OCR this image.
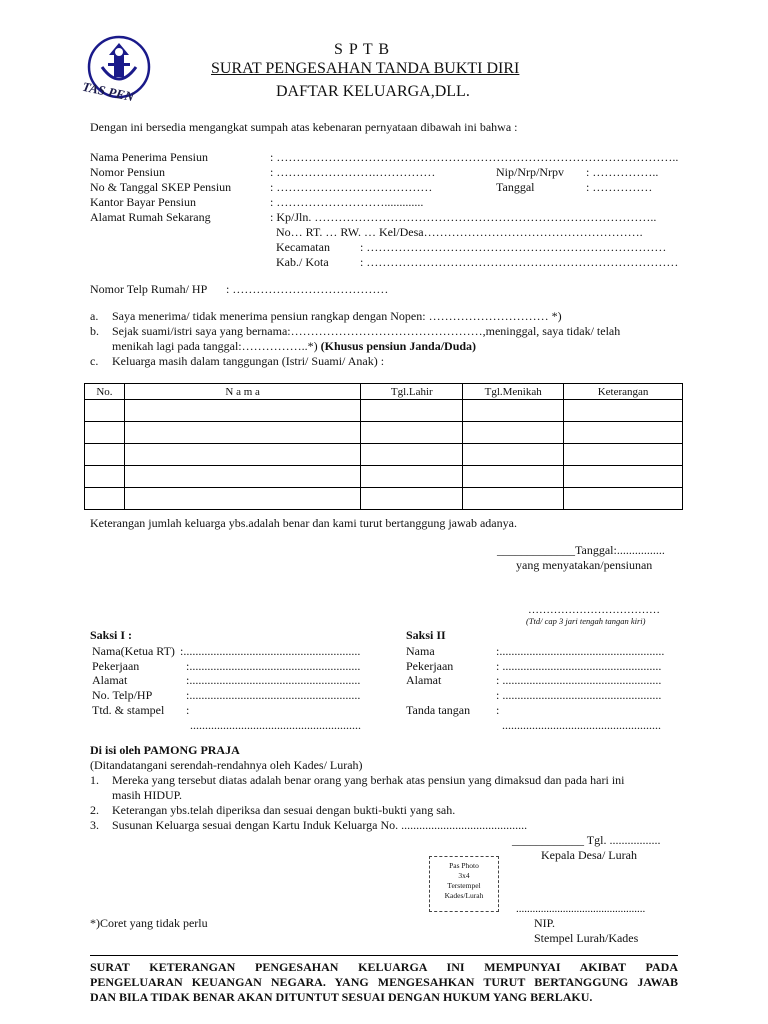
TAS PEN
S P T B
SURAT PENGESAHAN TANDA BUKTI DIRI
DAFTAR KELUARGA,DLL.
Dengan ini bersedia mengangkat sumpah atas kebenaran pernyataan dibawah ini bahwa :
Nama Penerima Pensiun	: ………………………………………………………………………………………..
Nomor Pensiun	: …………………….……………	Nip/Nrp/Nrpv : ……………..
No & Tanggal SKEP Pensiun	: …………………………………	Tanggal	: ……………
Kantor Bayar Pensiun	: ……………………….............
Alamat Rumah Sekarang	: Kp/Jln. …………………………………………………………………………..
No… RT. … RW. … Kel/Desa……………………………………………….
Kecamatan	: …………………………………………………………………
Kab./ Kota	: ……………………………………………………………………
Nomor Telp Rumah/ HP : …………………………………
a. Saya menerima/ tidak menerima pensiun rangkap dengan Nopen: ………………………… *)
b. Sejak suami/istri saya yang bernama:…………………………………………,meninggal, saya tidak/ telah
menikah lagi pada tanggal:……………..*) (Khusus pensiun Janda/Duda)
c. Keluarga masih dalam tanggungan (Istri/ Suami/ Anak) :
No.	N a m a	Tgl.Lahir	Tgl.Menikah	Keterangan

Keterangan jumlah keluarga ybs.adalah benar dan kami turut bertanggung jawab adanya.
_____________Tanggal:................
yang menyatakan/pensiunan
………………………………
(Ttd/ cap 3 jari tengah tangan kiri)
Saksi I :
Nama(Ketua RT) :...........................................................
Pekerjaan	:.........................................................
Alamat	:.........................................................
No. Telp/HP	:.........................................................
Ttd. & stampel :
.........................................................
Saksi II
Nama	:.......................................................
Pekerjaan	: .....................................................
Alamat	: .....................................................
: .....................................................
Tanda tangan :
.....................................................
Di isi oleh PAMONG PRAJA
(Ditandatangani serendah-rendahnya oleh Kades/ Lurah)
1. Mereka yang tersebut diatas adalah benar orang yang berhak atas pensiun yang dimaksud dan pada hari ini
masih HIDUP.
2. Keterangan ybs.telah diperiksa dan sesuai dengan bukti-bukti yang sah.
3. Susunan Keluarga sesuai dengan Kartu Induk Keluarga No. ..........................................
____________ Tgl. .................
Kepala Desa/ Lurah
Pas Photo
3x4
Terstempel
Kades/Lurah
...............................................
*)Coret yang tidak perlu	NIP.
Stempel Lurah/Kades
SURAT KETERANGAN PENGESAHAN KELUARGA INI MEMPUNYAI AKIBAT PADA
PENGELUARAN KEUANGAN NEGARA. YANG MENGESAHKAN TURUT BERTANGGUNG JAWAB
DAN BILA TIDAK BENAR AKAN DITUNTUT SESUAI DENGAN HUKUM YANG BERLAKU.
